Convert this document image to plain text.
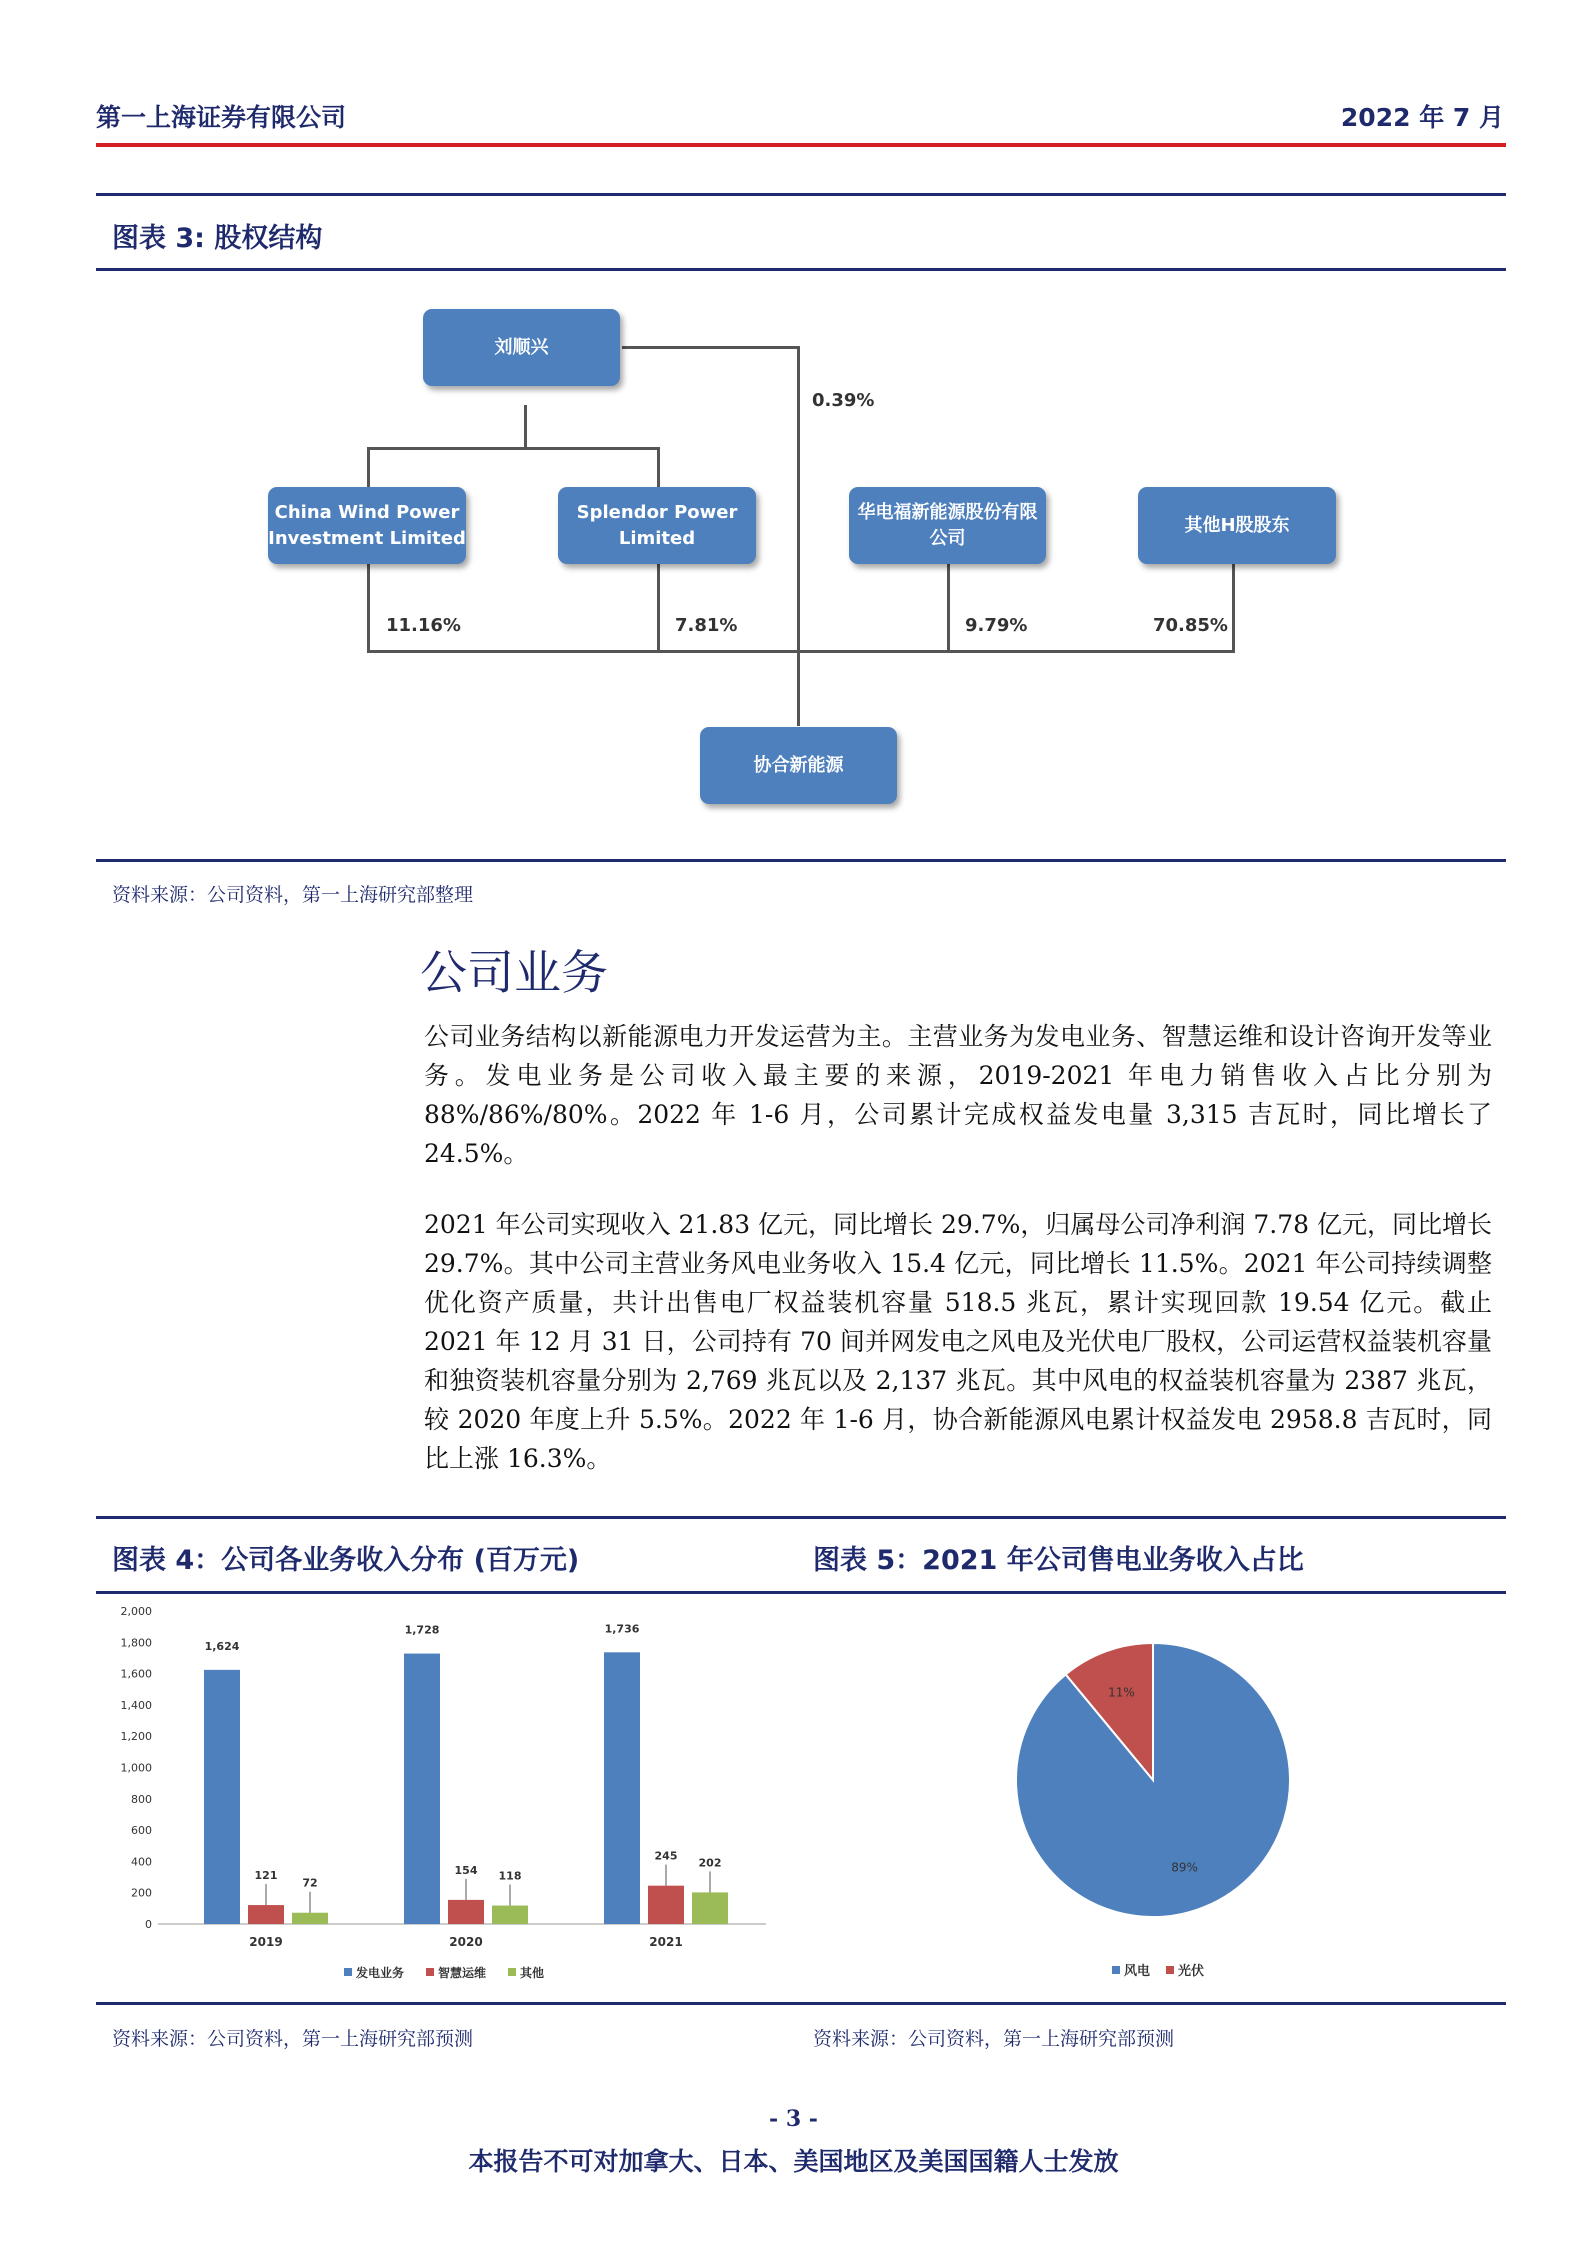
第一上海证券有限公司	2022 年 7 月
图表 3: 股权结构
刘顺兴
China Wind Power Investment Limited
Splendor Power Limited
华电福新能源股份有限公司
其他H股股东
协合新能源
0.39%
11.16%	7.81%	9.79%	70.85%
资料来源：公司资料，第一上海研究部整理
公司业务
公司业务结构以新能源电力开发运营为主。主营业务为发电业务、智慧运维和设计咨询开发等业务。发电业务是公司收入最主要的来源，2019-2021 年电力销售收入占比分别为 88%/86%/80%。2022 年 1-6 月，公司累计完成权益发电量 3,315 吉瓦时，同比增长了 24.5%。
2021 年公司实现收入 21.83 亿元，同比增长 29.7%，归属母公司净利润 7.78 亿元，同比增长 29.7%。其中公司主营业务风电业务收入 15.4 亿元，同比增长 11.5%。2021 年公司持续调整优化资产质量，共计出售电厂权益装机容量 518.5 兆瓦，累计实现回款 19.54 亿元。截止 2021 年 12 月 31 日，公司持有 70 间并网发电之风电及光伏电厂股权，公司运营权益装机容量和独资装机容量分别为 2,769 兆瓦以及 2,137 兆瓦。其中风电的权益装机容量为 2387 兆瓦，较 2020 年度上升 5.5%。2022 年 1-6 月，协合新能源风电累计权益发电 2958.8 吉瓦时，同比上涨 16.3%。
图表 4：公司各业务收入分布 (百万元)	图表 5：2021 年公司售电业务收入占比
0
200
400
600
800
1,000
1,200
1,400
1,600
1,800
2,000
1,624
121
72
2019
1,728
154 118
2020
1,736
245
202
2021
发电业务	智慧运维	其他
89%
11%
风电 光伏
资料来源：公司资料，第一上海研究部预测	资料来源：公司资料，第一上海研究部预测
- 3 -
本报告不可对加拿大、日本、美国地区及美国国籍人士发放
